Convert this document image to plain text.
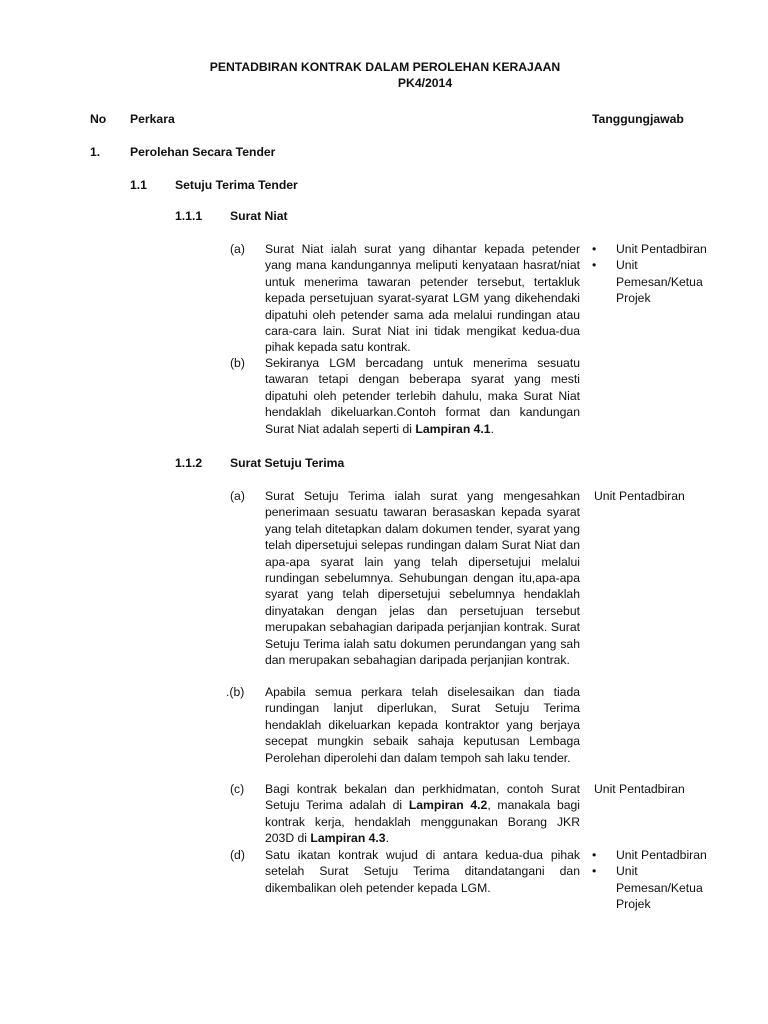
PENTADBIRAN KONTRAK DALAM PEROLEHAN KERAJAAN
PK4/2014
No Perkara	Tanggungjawab
1. Perolehan Secara Tender
1.1 Setuju Terima Tender
1.1.1 Surat Niat
(a) Surat Niat ialah surat yang dihantar kepada petender yang mana kandungannya meliputi kenyataan hasrat/niat untuk menerima tawaran petender tersebut, tertakluk kepada persetujuan syarat-syarat LGM yang dikehendaki dipatuhi oleh petender sama ada melalui rundingan atau cara-cara lain. Surat Niat ini tidak mengikat kedua-dua pihak kepada satu kontrak.
• Unit Pentadbiran
• Unit Pemesan/Ketua Projek
(b) Sekiranya LGM bercadang untuk menerima sesuatu tawaran tetapi dengan beberapa syarat yang mesti dipatuhi oleh petender terlebih dahulu, maka Surat Niat hendaklah dikeluarkan.Contoh format dan kandungan Surat Niat adalah seperti di Lampiran 4.1.
1.1.2 Surat Setuju Terima
(a) Surat Setuju Terima ialah surat yang mengesahkan penerimaan sesuatu tawaran berasaskan kepada syarat yang telah ditetapkan dalam dokumen tender, syarat yang telah dipersetujui selepas rundingan dalam Surat Niat dan apa-apa syarat lain yang telah dipersetujui melalui rundingan sebelumnya. Sehubungan dengan itu,apa-apa syarat yang telah dipersetujui sebelumnya hendaklah dinyatakan dengan jelas dan persetujuan tersebut merupakan sebahagian daripada perjanjian kontrak. Surat Setuju Terima ialah satu dokumen perundangan yang sah dan merupakan sebahagian daripada perjanjian kontrak.
Unit Pentadbiran
.(b) Apabila semua perkara telah diselesaikan dan tiada rundingan lanjut diperlukan, Surat Setuju Terima hendaklah dikeluarkan kepada kontraktor yang berjaya secepat mungkin sebaik sahaja keputusan Lembaga Perolehan diperolehi dan dalam tempoh sah laku tender.
(c) Bagi kontrak bekalan dan perkhidmatan, contoh Surat Setuju Terima adalah di Lampiran 4.2, manakala bagi kontrak kerja, hendaklah menggunakan Borang JKR 203D di Lampiran 4.3.
Unit Pentadbiran
(d) Satu ikatan kontrak wujud di antara kedua-dua pihak setelah Surat Setuju Terima ditandatangani dan dikembalikan oleh petender kepada LGM.
• Unit Pentadbiran
• Unit Pemesan/Ketua Projek
